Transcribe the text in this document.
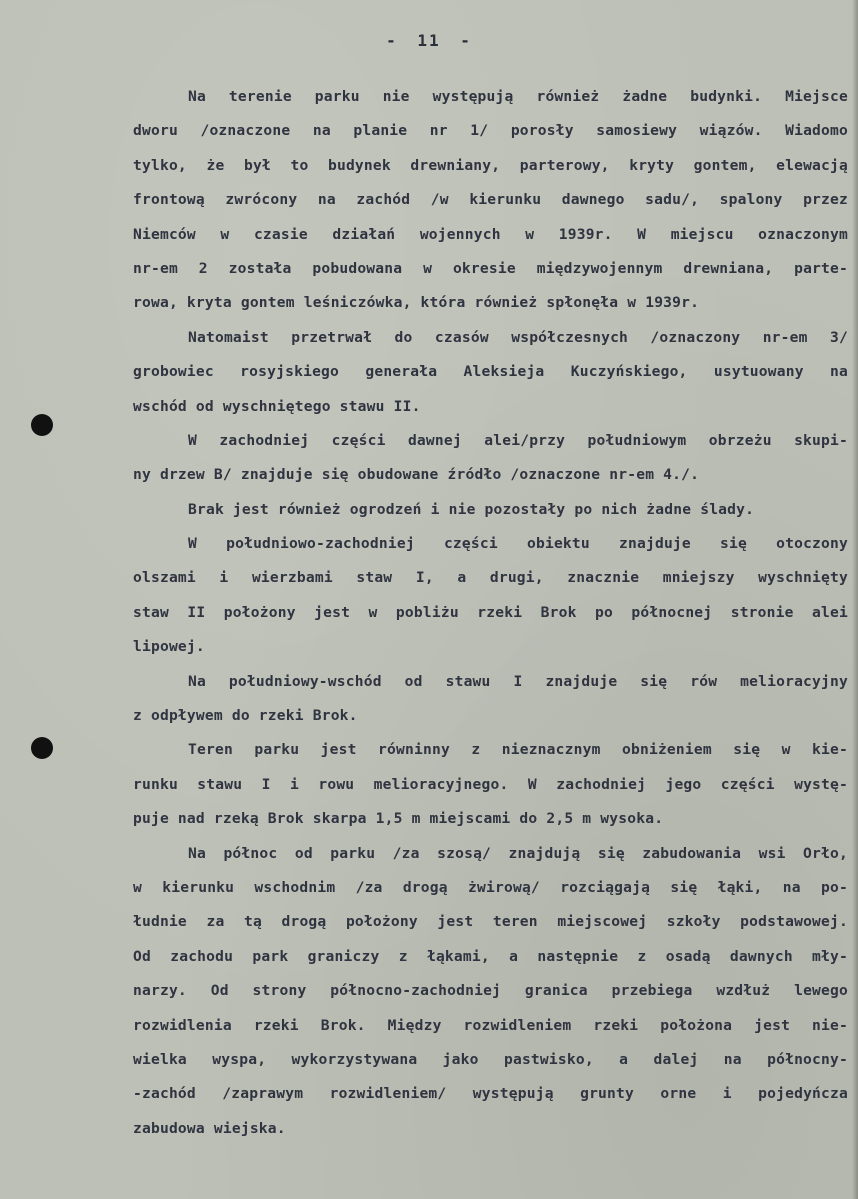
- 11 -
Na terenie parku nie występują również żadne budynki. Miejsce
dworu /oznaczone na planie nr 1/ porosły samosiewy wiązów. Wiadomo
tylko, że był to budynek drewniany, parterowy, kryty gontem, elewacją
frontową zwrócony na zachód /w kierunku dawnego sadu/, spalony przez
Niemców w czasie działań wojennych w 1939r. W miejscu oznaczonym
nr-em 2 została pobudowana w okresie międzywojennym drewniana, parte-
rowa, kryta gontem leśniczówka, która również spłonęła w 1939r.
Natomaist przetrwał do czasów współczesnych /oznaczony nr-em 3/
grobowiec rosyjskiego generała Aleksieja Kuczyńskiego, usytuowany na
wschód od wyschniętego stawu II.
W zachodniej części dawnej alei/przy południowym obrzeżu skupi-
ny drzew B/ znajduje się obudowane źródło /oznaczone nr-em 4./.
Brak jest również ogrodzeń i nie pozostały po nich żadne ślady.
W południowo-zachodniej części obiektu znajduje się otoczony
olszami i wierzbami staw I, a drugi, znacznie mniejszy wyschnięty
staw II położony jest w pobliżu rzeki Brok po północnej stronie alei
lipowej.
Na południowy-wschód od stawu I znajduje się rów melioracyjny
z odpływem do rzeki Brok.
Teren parku jest równinny z nieznacznym obniżeniem się w kie-
runku stawu I i rowu melioracyjnego. W zachodniej jego części wystę-
puje nad rzeką Brok skarpa 1,5 m miejscami do 2,5 m wysoka.
Na północ od parku /za szosą/ znajdują się zabudowania wsi Orło,
w kierunku wschodnim /za drogą żwirową/ rozciągają się łąki, na po-
łudnie za tą drogą położony jest teren miejscowej szkoły podstawowej.
Od zachodu park graniczy z łąkami, a następnie z osadą dawnych mły-
narzy. Od strony północno-zachodniej granica przebiega wzdłuż lewego
rozwidlenia rzeki Brok. Między rozwidleniem rzeki położona jest nie-
wielka wyspa, wykorzystywana jako pastwisko, a dalej na północny-
-zachód /zaprawym rozwidleniem/ występują grunty orne i pojedyńcza
zabudowa wiejska.
